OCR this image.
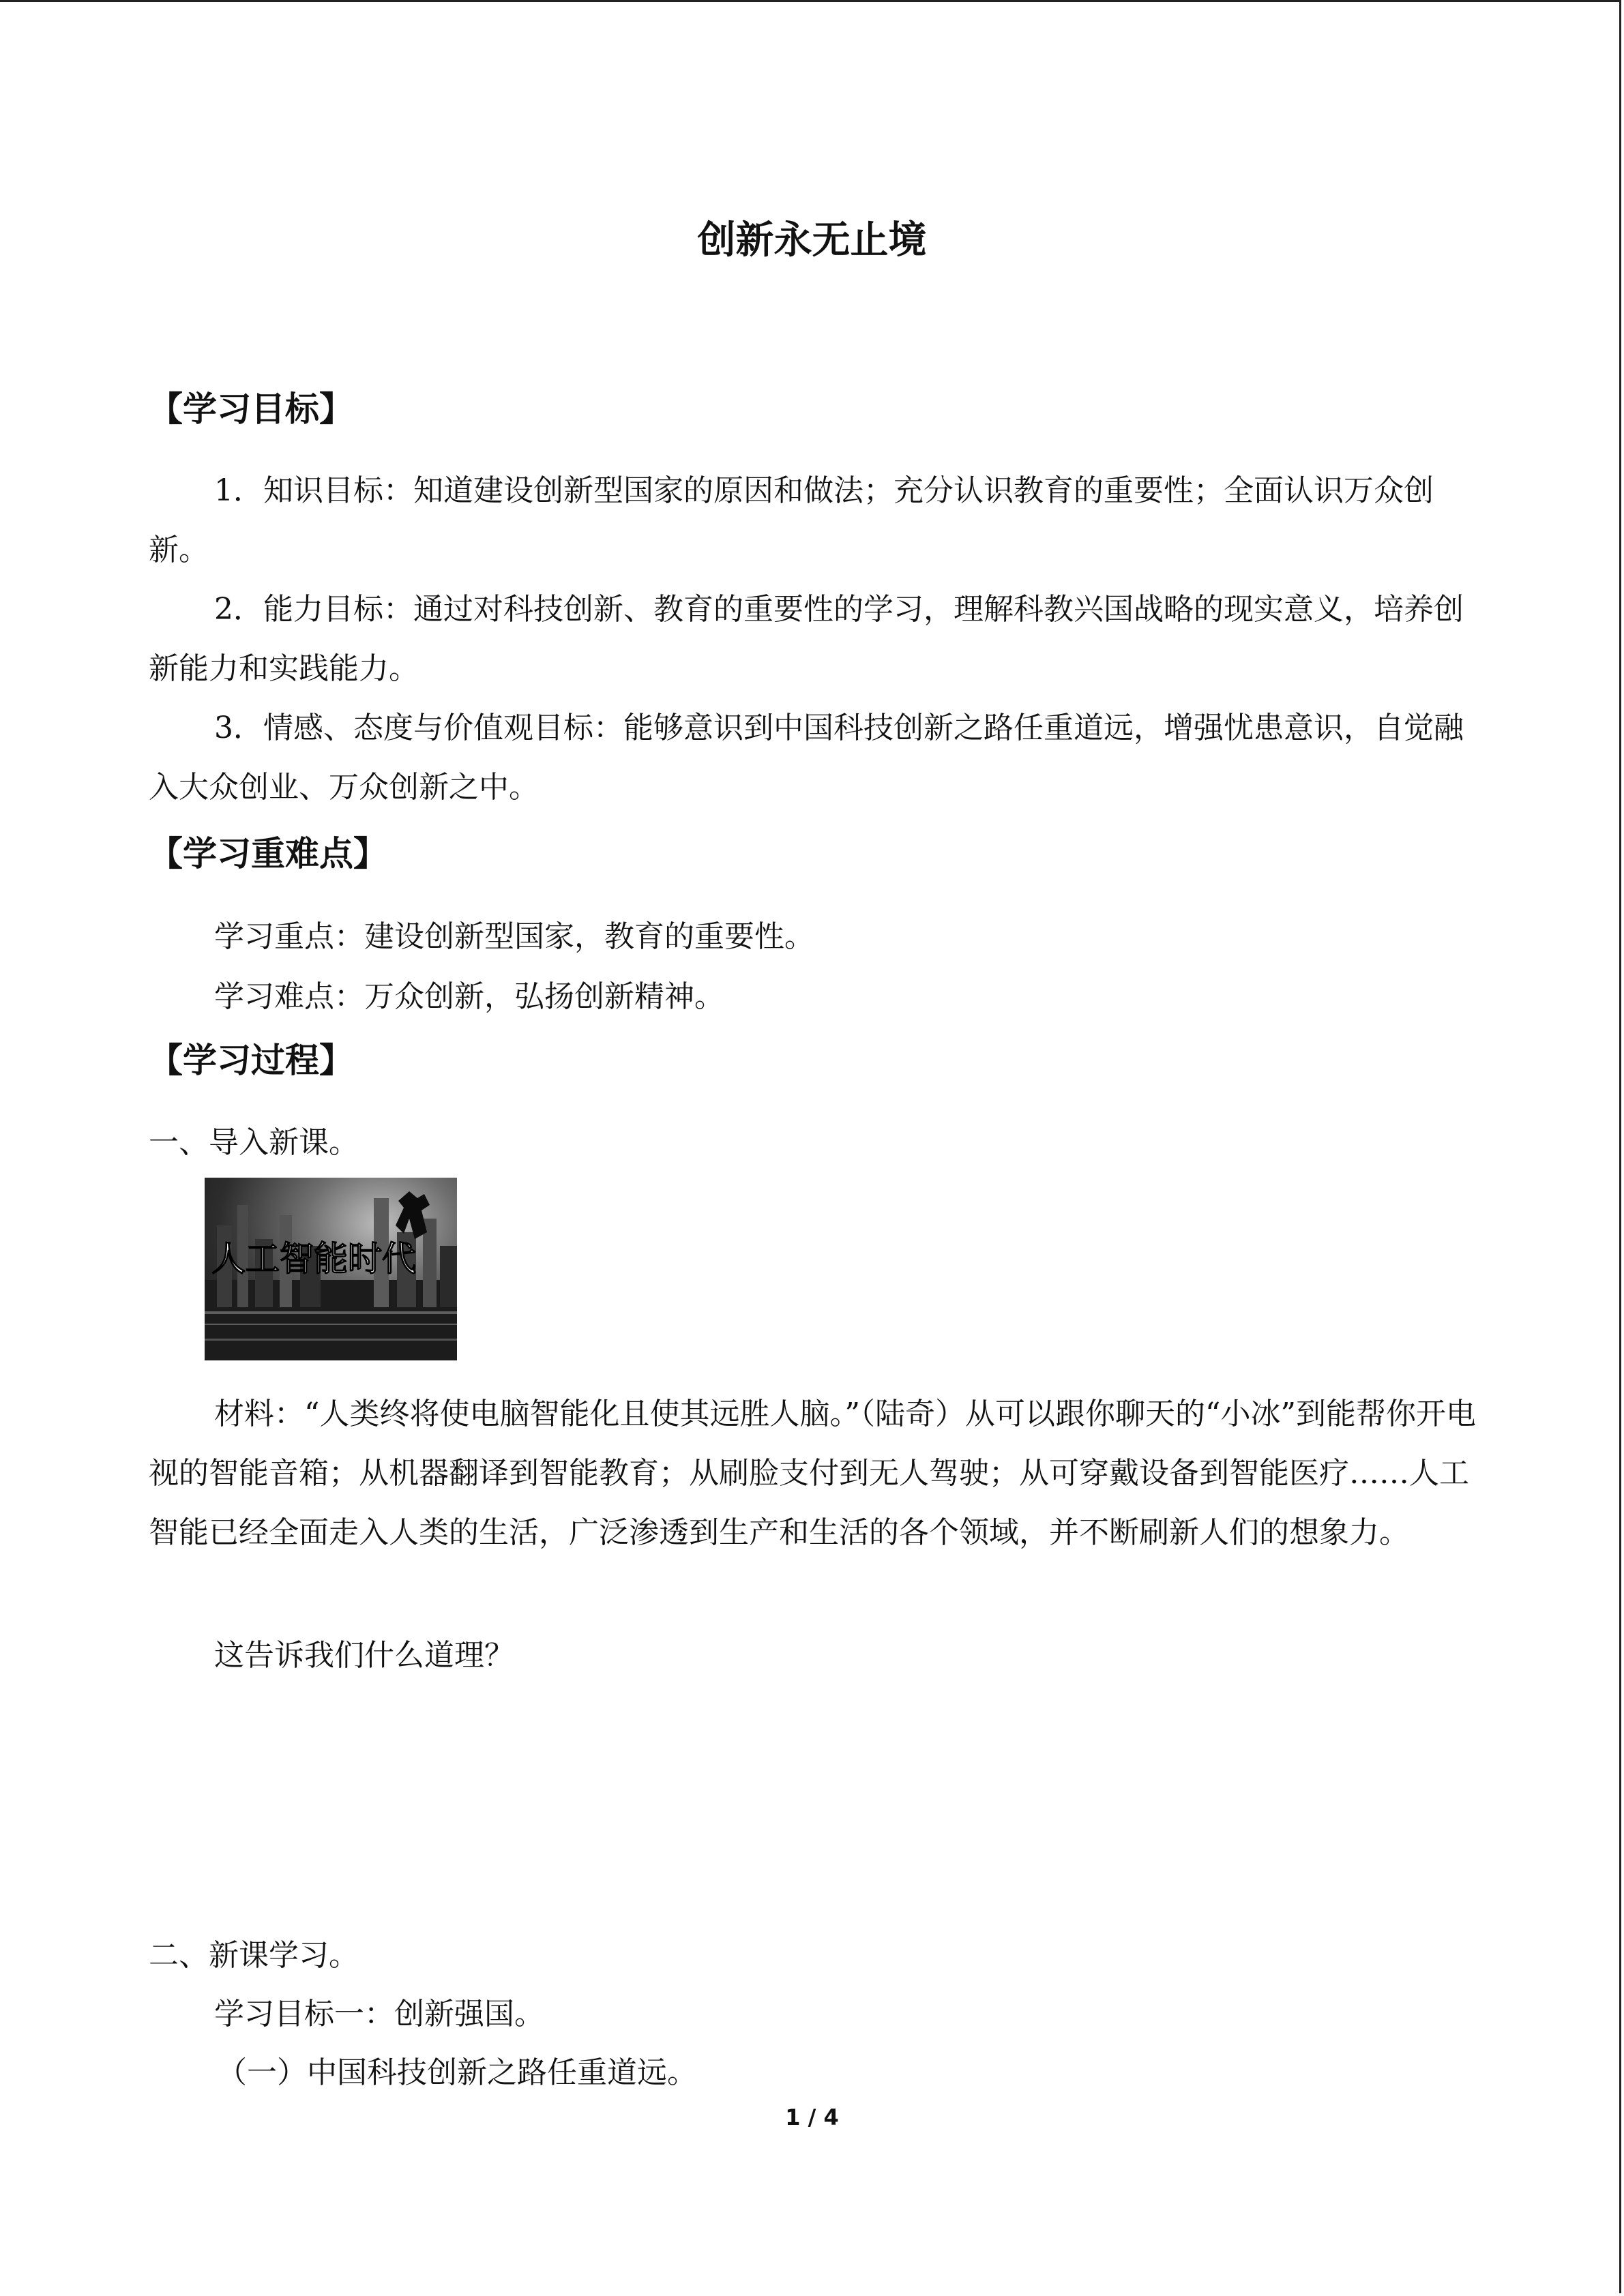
创新永无止境
【学习目标】

1．知识目标：知道建设创新型国家的原因和做法；充分认识教育的重要性；全面认识万众创新。

2．能力目标：通过对科技创新、教育的重要性的学习，理解科教兴国战略的现实意义，培养创新能力和实践能力。

3．情感、态度与价值观目标：能够意识到中国科技创新之路任重道远，增强忧患意识，自觉融入大众创业、万众创新之中。

【学习重难点】
学习重点：建设创新型国家，教育的重要性。
学习难点：万众创新，弘扬创新精神。
【学习过程】
一、导入新课。
人工智能时代

材料：“人类终将使电脑智能化且使其远胜人脑。”（陆奇）从可以跟你聊天的“小冰”到能帮你开电视的智能音箱；从机器翻译到智能教育；从刷脸支付到无人驾驶；从可穿戴设备到智能医疗……人工智能已经全面走入人类的生活，广泛渗透到生产和生活的各个领域，并不断刷新人们的想象力。

这告诉我们什么道理？
二、新课学习。
学习目标一：创新强国。
（一）中国科技创新之路任重道远。
1 / 4
